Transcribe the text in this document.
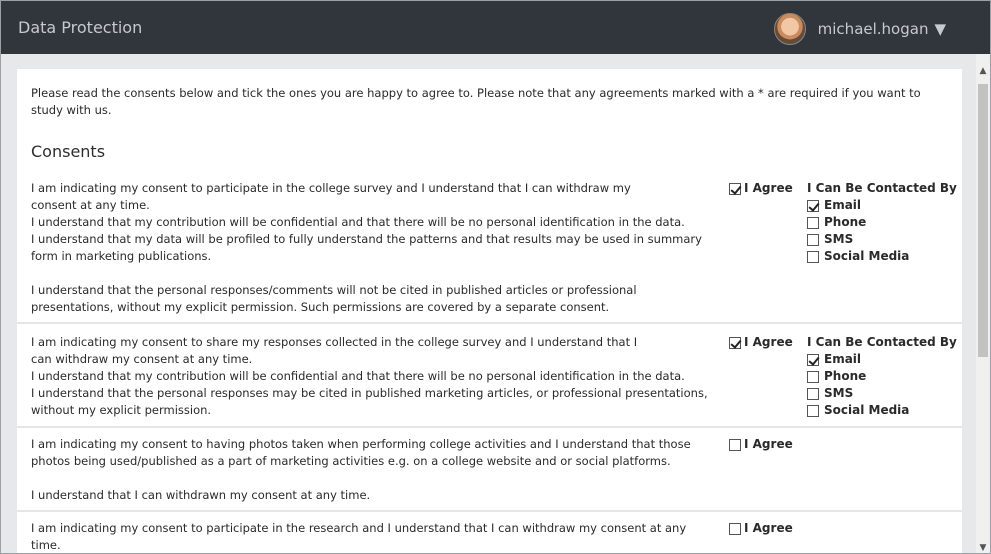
Data Protection	michael.hogan ▼
Please read the consents below and tick the ones you are happy to agree to. Please note that any agreements marked with a * are required if you want to study with us.
Consents

I am indicating my consent to participate in the college survey and I understand that I can withdraw my consent at any time.

I understand that my contribution will be confidential and that there will be no personal identification in the data.

I understand that my data will be profiled to fully understand the patterns and that results may be used in summary form in marketing publications.

I understand that the personal responses/comments will not be cited in published articles or professional presentations, without my explicit permission. Such permissions are covered by a separate consent.

I Agree I Can Be Contacted By
Email
Phone
SMS
Social Media

I am indicating my consent to share my responses collected in the college survey and I understand that I can withdraw my consent at any time.

I understand that my contribution will be confidential and that there will be no personal identification in the data.

I understand that the personal responses may be cited in published marketing articles, or professional presentations, without my explicit permission.

I Agree I Can Be Contacted By
Email
Phone
SMS
Social Media

I am indicating my consent to having photos taken when performing college activities and I understand that those photos being used/published as a part of marketing activities e.g. on a college website and or social platforms.

I understand that I can withdrawn my consent at any time.

I Agree

I am indicating my consent to participate in the research and I understand that I can withdraw my consent at any time.

I Agree
▲
▼
